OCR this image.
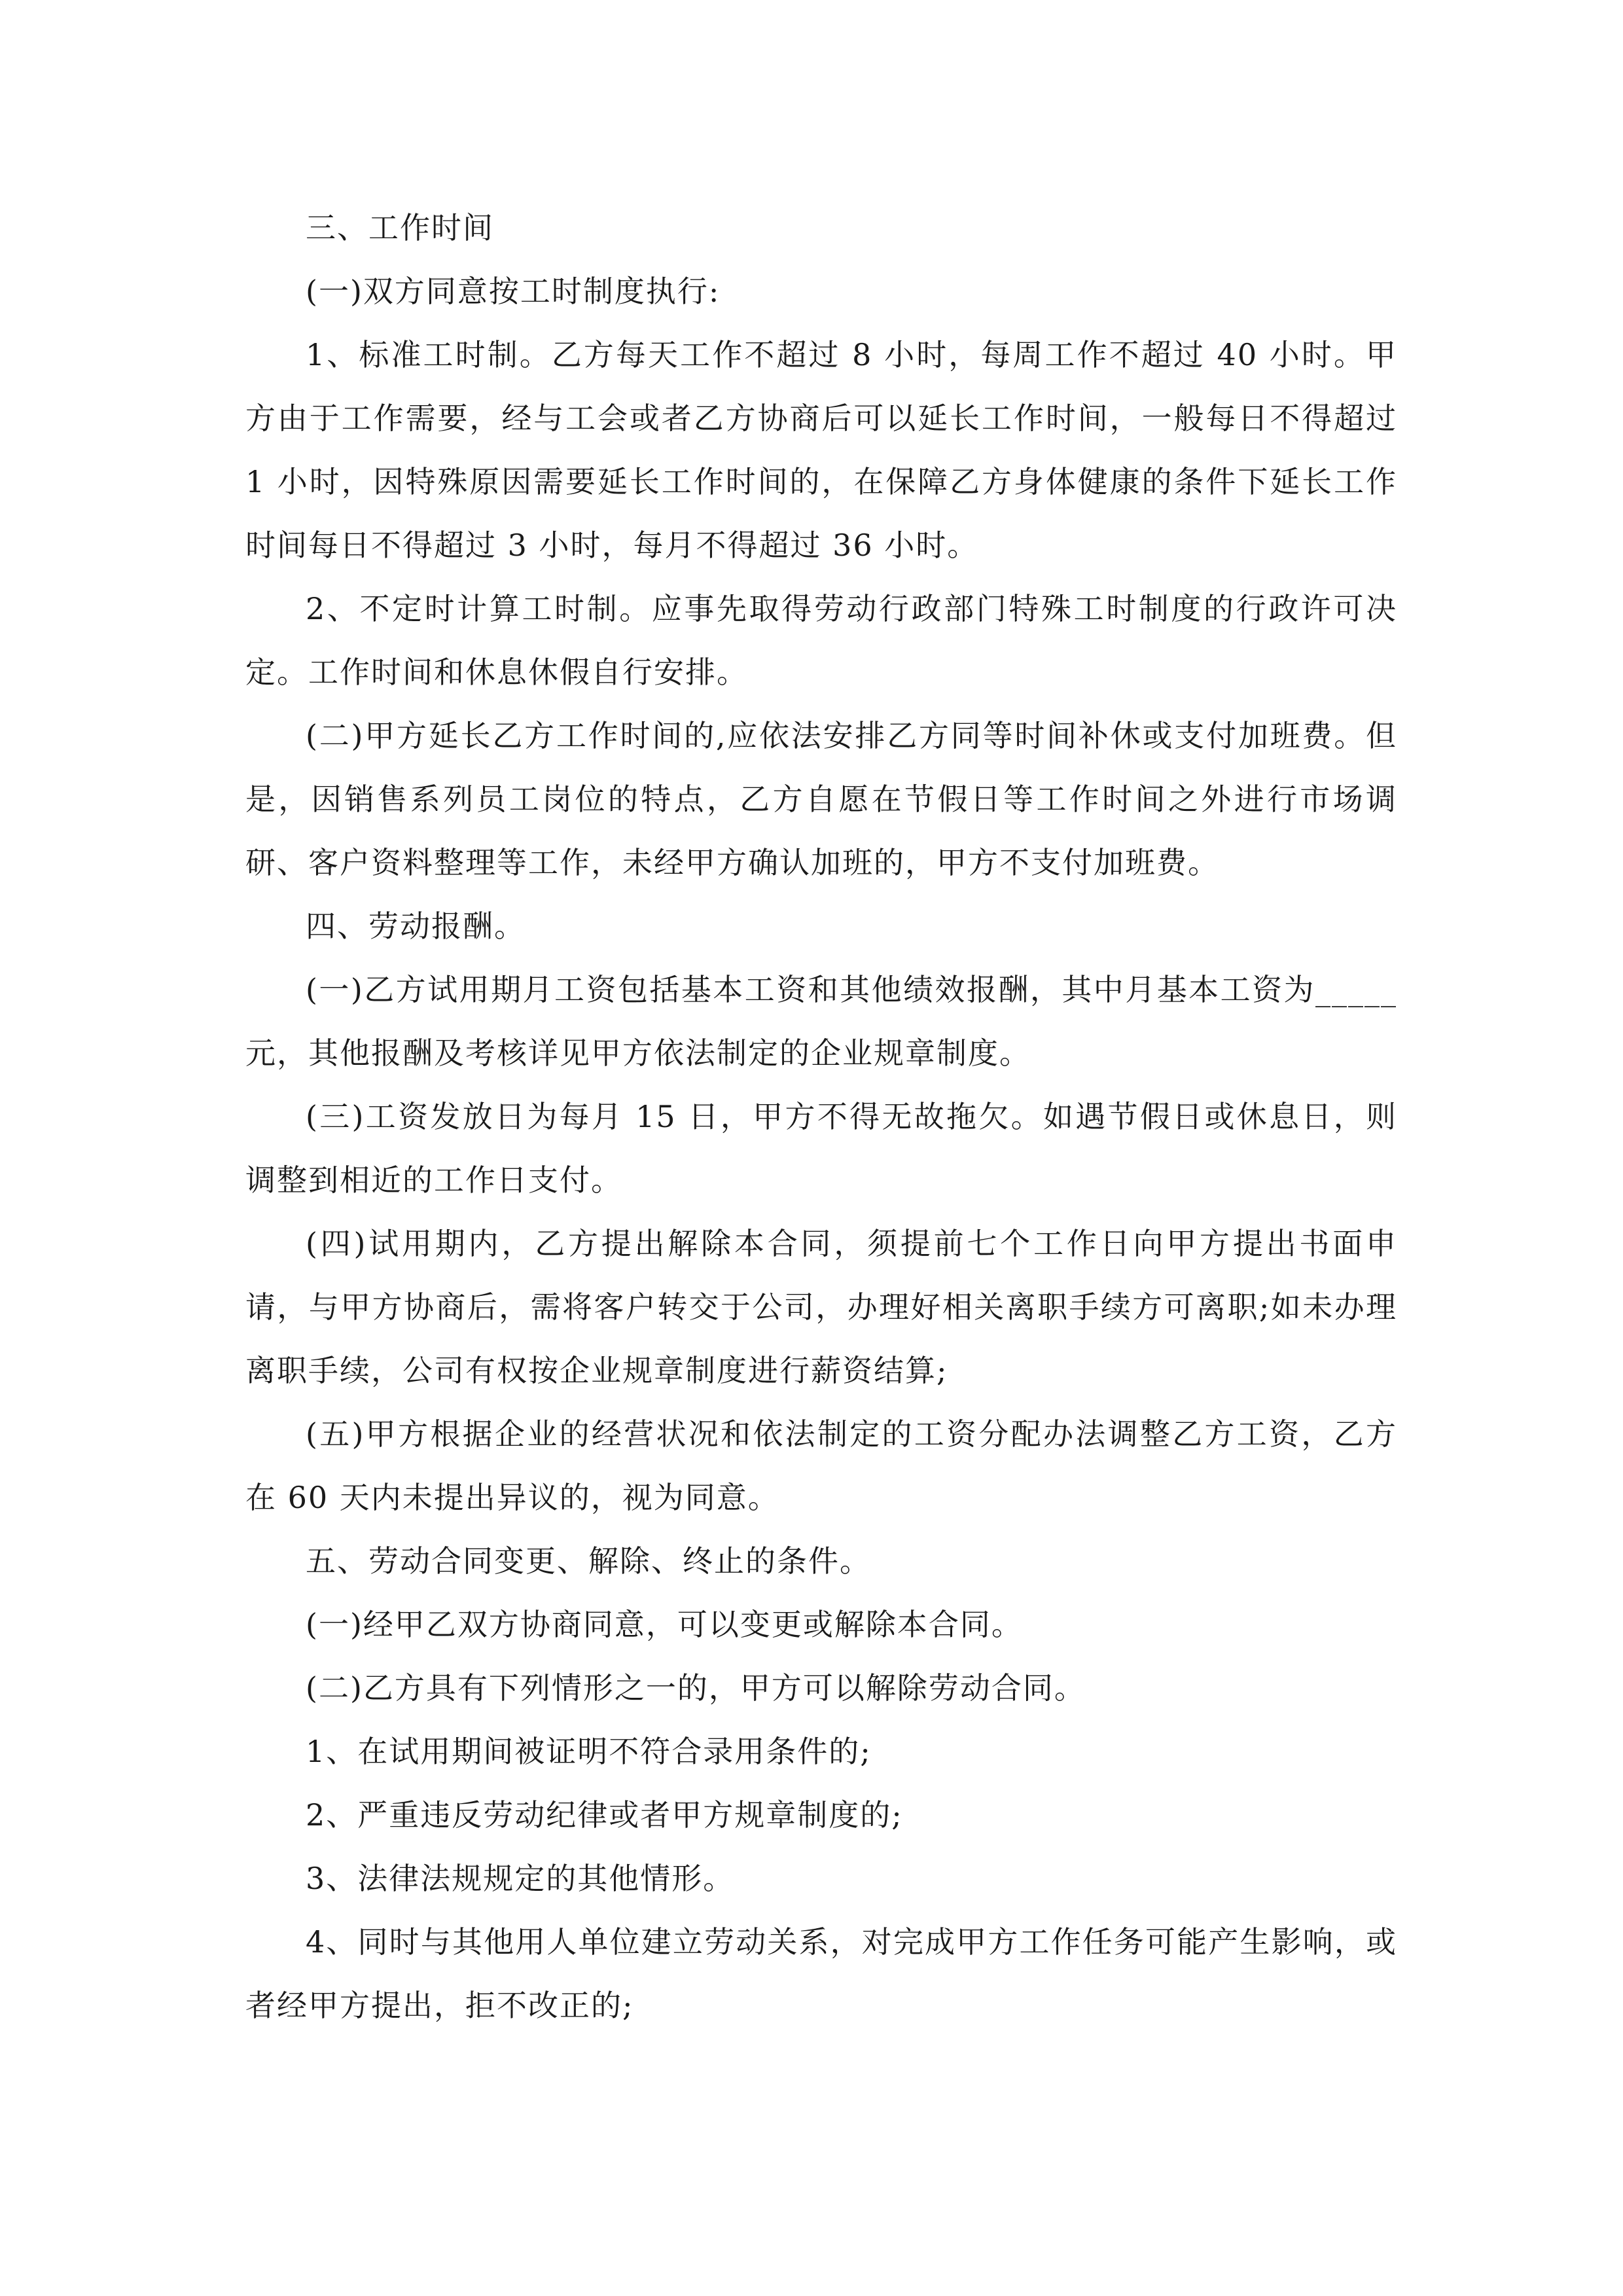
三、工作时间

(一)双方同意按工时制度执行:

1、标准工时制。乙方每天工作不超过 8 小时，每周工作不超过 40 小时。甲方由于工作需要，经与工会或者乙方协商后可以延长工作时间，一般每日不得超过 1 小时，因特殊原因需要延长工作时间的，在保障乙方身体健康的条件下延长工作时间每日不得超过 3 小时，每月不得超过 36 小时。

2、不定时计算工时制。应事先取得劳动行政部门特殊工时制度的行政许可决定。工作时间和休息休假自行安排。

(二)甲方延长乙方工作时间的,应依法安排乙方同等时间补休或支付加班费。但是，因销售系列员工岗位的特点，乙方自愿在节假日等工作时间之外进行市场调研、客户资料整理等工作，未经甲方确认加班的，甲方不支付加班费。

四、劳动报酬。

(一)乙方试用期月工资包括基本工资和其他绩效报酬，其中月基本工资为_____元，其他报酬及考核详见甲方依法制定的企业规章制度。

(三)工资发放日为每月 15 日，甲方不得无故拖欠。如遇节假日或休息日，则调整到相近的工作日支付。

(四)试用期内，乙方提出解除本合同，须提前七个工作日向甲方提出书面申请，与甲方协商后，需将客户转交于公司，办理好相关离职手续方可离职;如未办理离职手续，公司有权按企业规章制度进行薪资结算;

(五)甲方根据企业的经营状况和依法制定的工资分配办法调整乙方工资，乙方在 60 天内未提出异议的，视为同意。

五、劳动合同变更、解除、终止的条件。

(一)经甲乙双方协商同意，可以变更或解除本合同。

(二)乙方具有下列情形之一的，甲方可以解除劳动合同。

1、在试用期间被证明不符合录用条件的;

2、严重违反劳动纪律或者甲方规章制度的;

3、法律法规规定的其他情形。

4、同时与其他用人单位建立劳动关系，对完成甲方工作任务可能产生影响，或者经甲方提出，拒不改正的;
